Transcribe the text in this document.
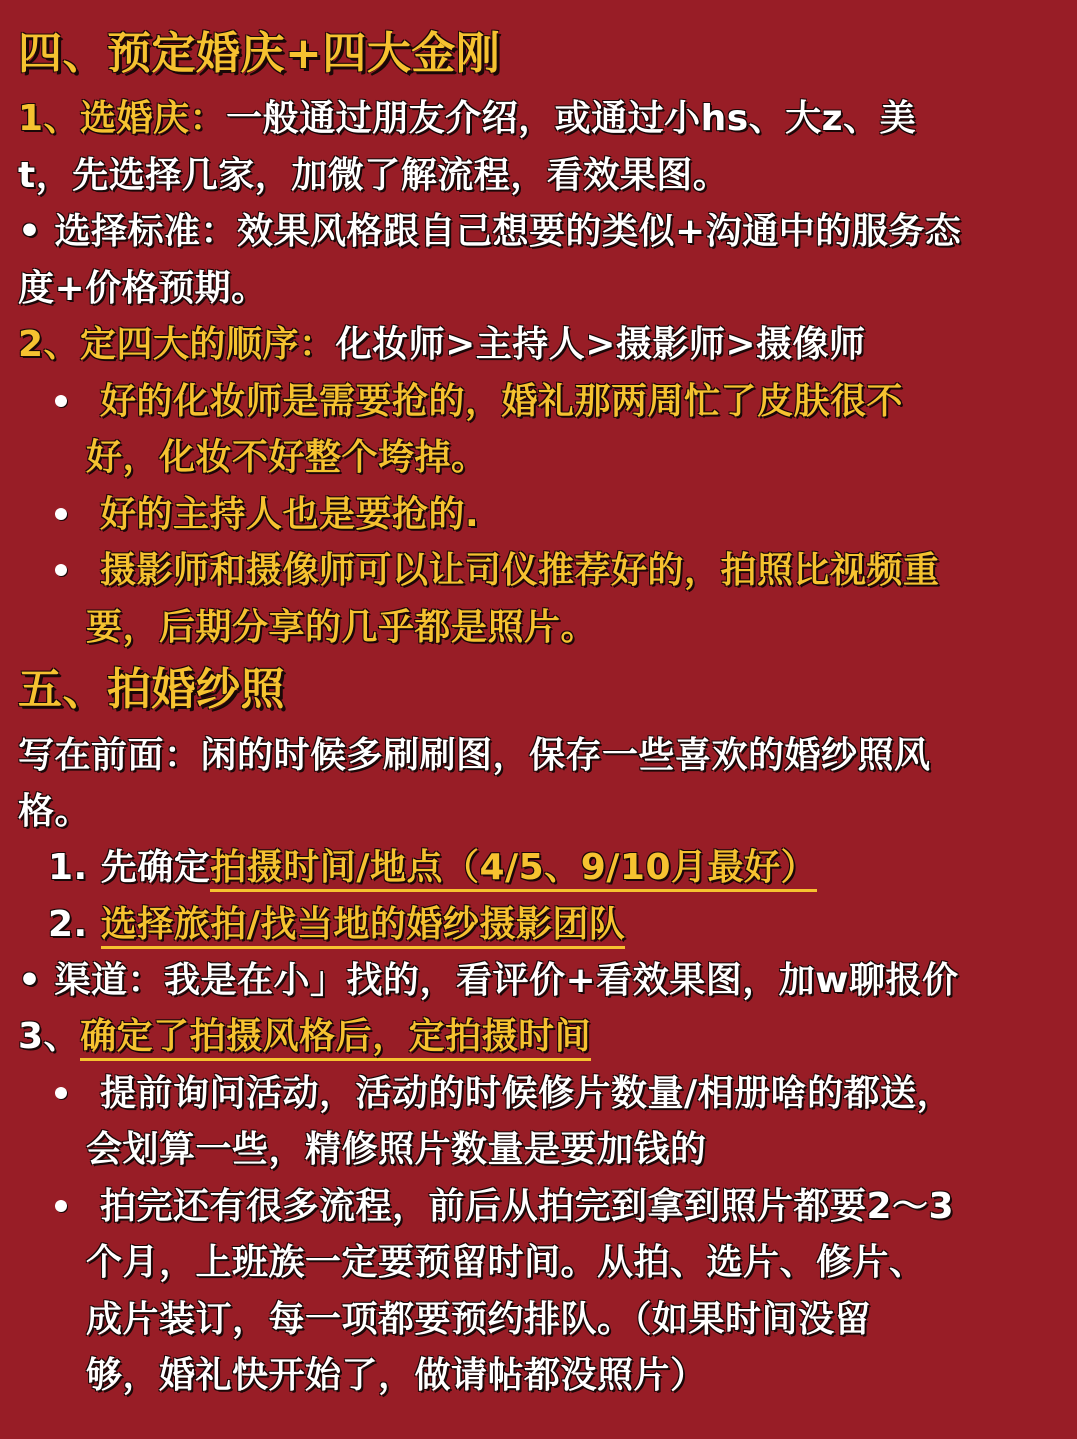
四、预定婚庆+四大金刚
1、选婚庆：一般通过朋友介绍，或通过小hs、大z、美
t，先选择几家，加微了解流程，看效果图。
• 选择标准：效果风格跟自己想要的类似+沟通中的服务态
度+价格预期。
2、定四大的顺序：化妆师>主持人>摄影师>摄像师
好的化妆师是需要抢的，婚礼那两周忙了皮肤很不
好，化妆不好整个垮掉。
好的主持人也是要抢的.
摄影师和摄像师可以让司仪推荐好的，拍照比视频重
要，后期分享的几乎都是照片。
五、拍婚纱照
写在前面：闲的时候多刷刷图，保存一些喜欢的婚纱照风
格。
1. 先确定拍摄时间/地点（4/5、9/10月最好）
2. 选择旅拍/找当地的婚纱摄影团队
• 渠道：我是在小」找的，看评价+看效果图，加w聊报价
3、确定了拍摄风格后，定拍摄时间
提前询问活动，活动的时候修片数量/相册啥的都送，
会划算一些，精修照片数量是要加钱的
拍完还有很多流程，前后从拍完到拿到照片都要2～3
个月，上班族一定要预留时间。从拍、选片、修片、
成片装订，每一项都要预约排队。（如果时间没留
够，婚礼快开始了，做请帖都没照片）
